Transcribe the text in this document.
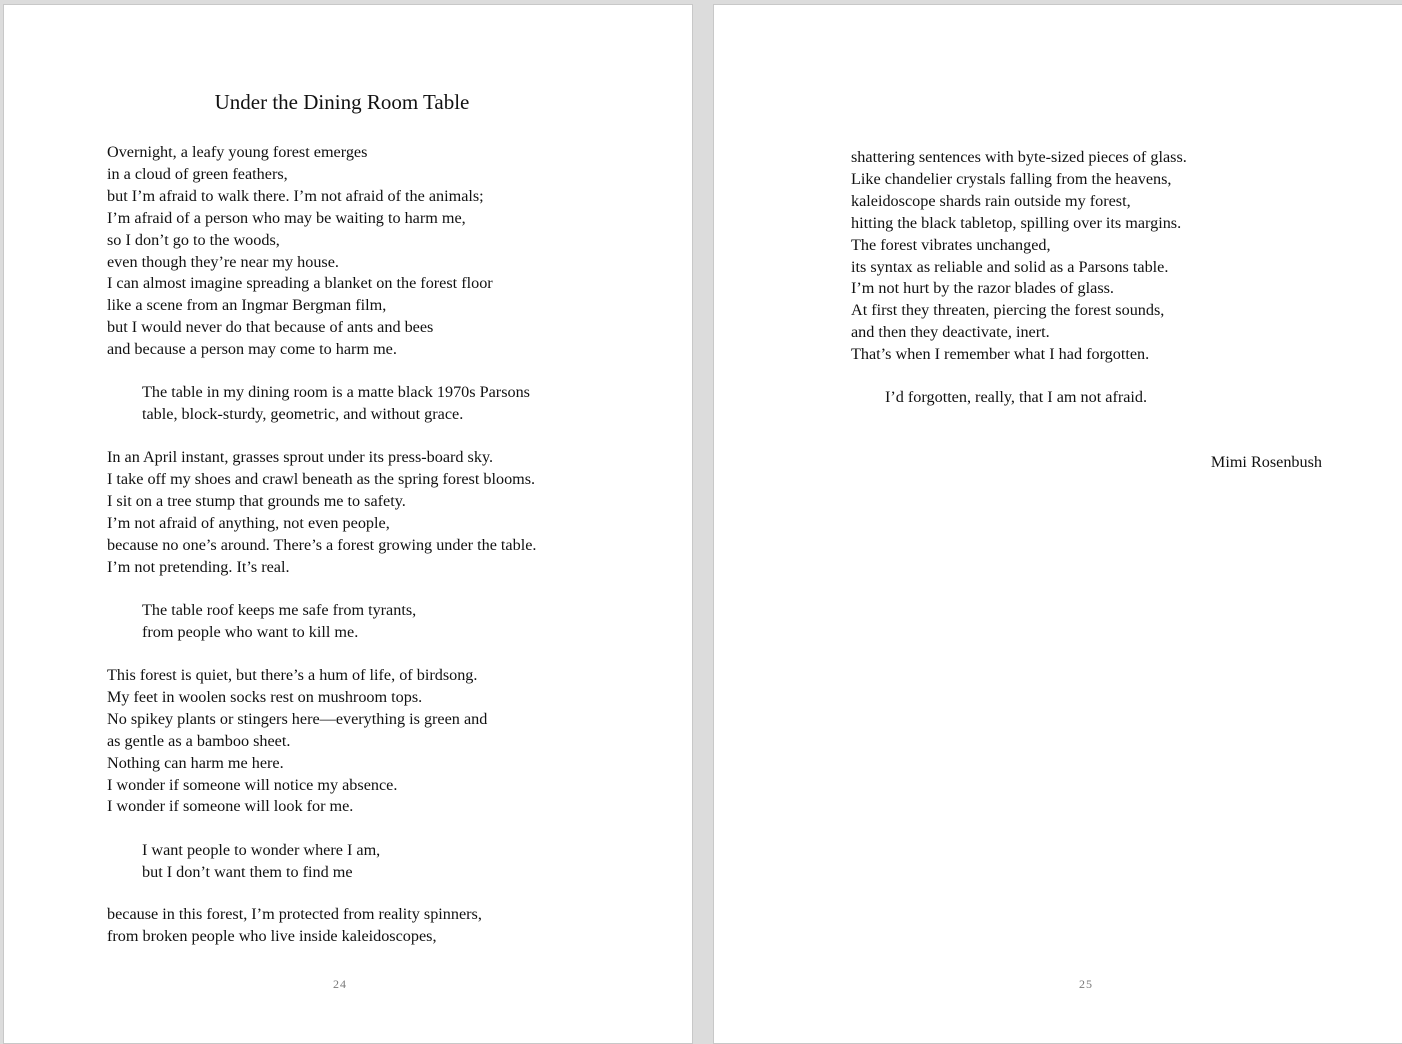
Under the Dining Room Table
Overnight, a leafy young forest emerges
in a cloud of green feathers,
but I’m afraid to walk there. I’m not afraid of the animals;
I’m afraid of a person who may be waiting to harm me,
so I don’t go to the woods,
even though they’re near my house.
I can almost imagine spreading a blanket on the forest floor
like a scene from an Ingmar Bergman film,
but I would never do that because of ants and bees
and because a person may come to harm me.
The table in my dining room is a matte black 1970s Parsons
table, block-sturdy, geometric, and without grace.
In an April instant, grasses sprout under its press-board sky.
I take off my shoes and crawl beneath as the spring forest blooms.
I sit on a tree stump that grounds me to safety.
I’m not afraid of anything, not even people,
because no one’s around. There’s a forest growing under the table.
I’m not pretending. It’s real.
The table roof keeps me safe from tyrants,
from people who want to kill me.
This forest is quiet, but there’s a hum of life, of birdsong.
My feet in woolen socks rest on mushroom tops.
No spikey plants or stingers here—everything is green and
as gentle as a bamboo sheet.
Nothing can harm me here.
I wonder if someone will notice my absence.
I wonder if someone will look for me.
I want people to wonder where I am,
but I don’t want them to find me
because in this forest, I’m protected from reality spinners,
from broken people who live inside kaleidoscopes,
24
shattering sentences with byte-sized pieces of glass.
Like chandelier crystals falling from the heavens,
kaleidoscope shards rain outside my forest,
hitting the black tabletop, spilling over its margins.
The forest vibrates unchanged,
its syntax as reliable and solid as a Parsons table.
I’m not hurt by the razor blades of glass.
At first they threaten, piercing the forest sounds,
and then they deactivate, inert.
That’s when I remember what I had forgotten.
I’d forgotten, really, that I am not afraid.
Mimi Rosenbush
25
